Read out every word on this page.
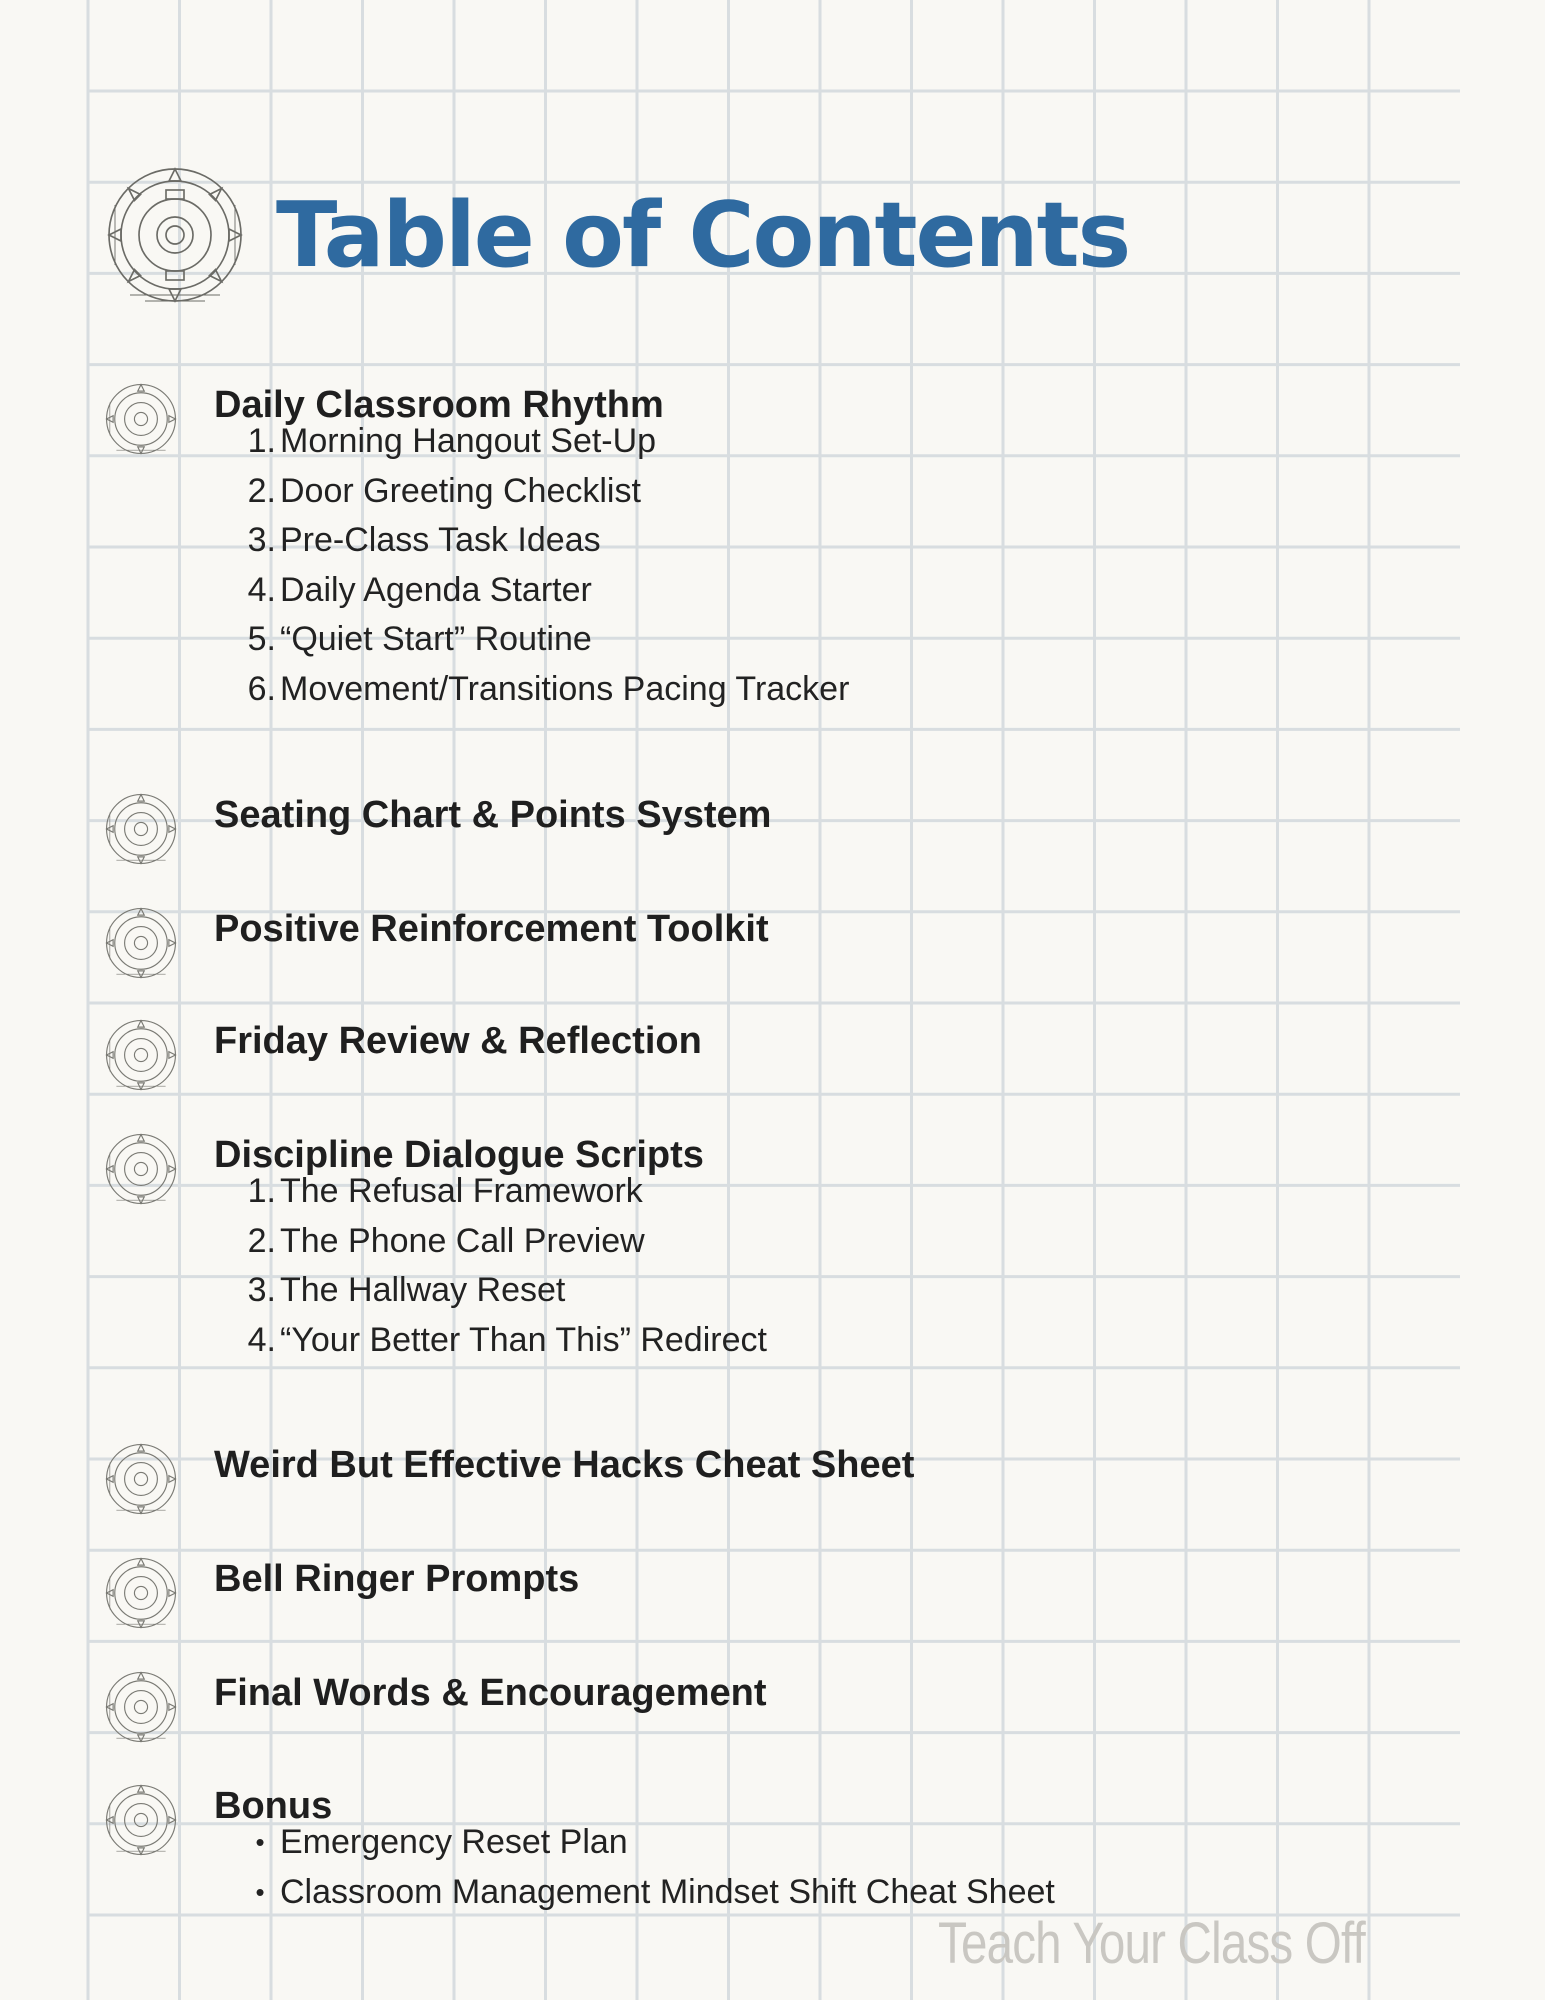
Table of Contents
Daily Classroom Rhythm
1. Morning Hangout Set-Up
2. Door Greeting Checklist
3. Pre-Class Task Ideas
4. Daily Agenda Starter
5. “Quiet Start” Routine
6. Movement/Transitions Pacing Tracker
Seating Chart & Points System
Positive Reinforcement Toolkit
Friday Review & Reflection
Discipline Dialogue Scripts
1. The Refusal Framework
2. The Phone Call Preview
3. The Hallway Reset
4. “Your Better Than This” Redirect
Weird But Effective Hacks Cheat Sheet
Bell Ringer Prompts
Final Words & Encouragement
Bonus
• Emergency Reset Plan
• Classroom Management Mindset Shift Cheat Sheet
Teach Your Class Off
